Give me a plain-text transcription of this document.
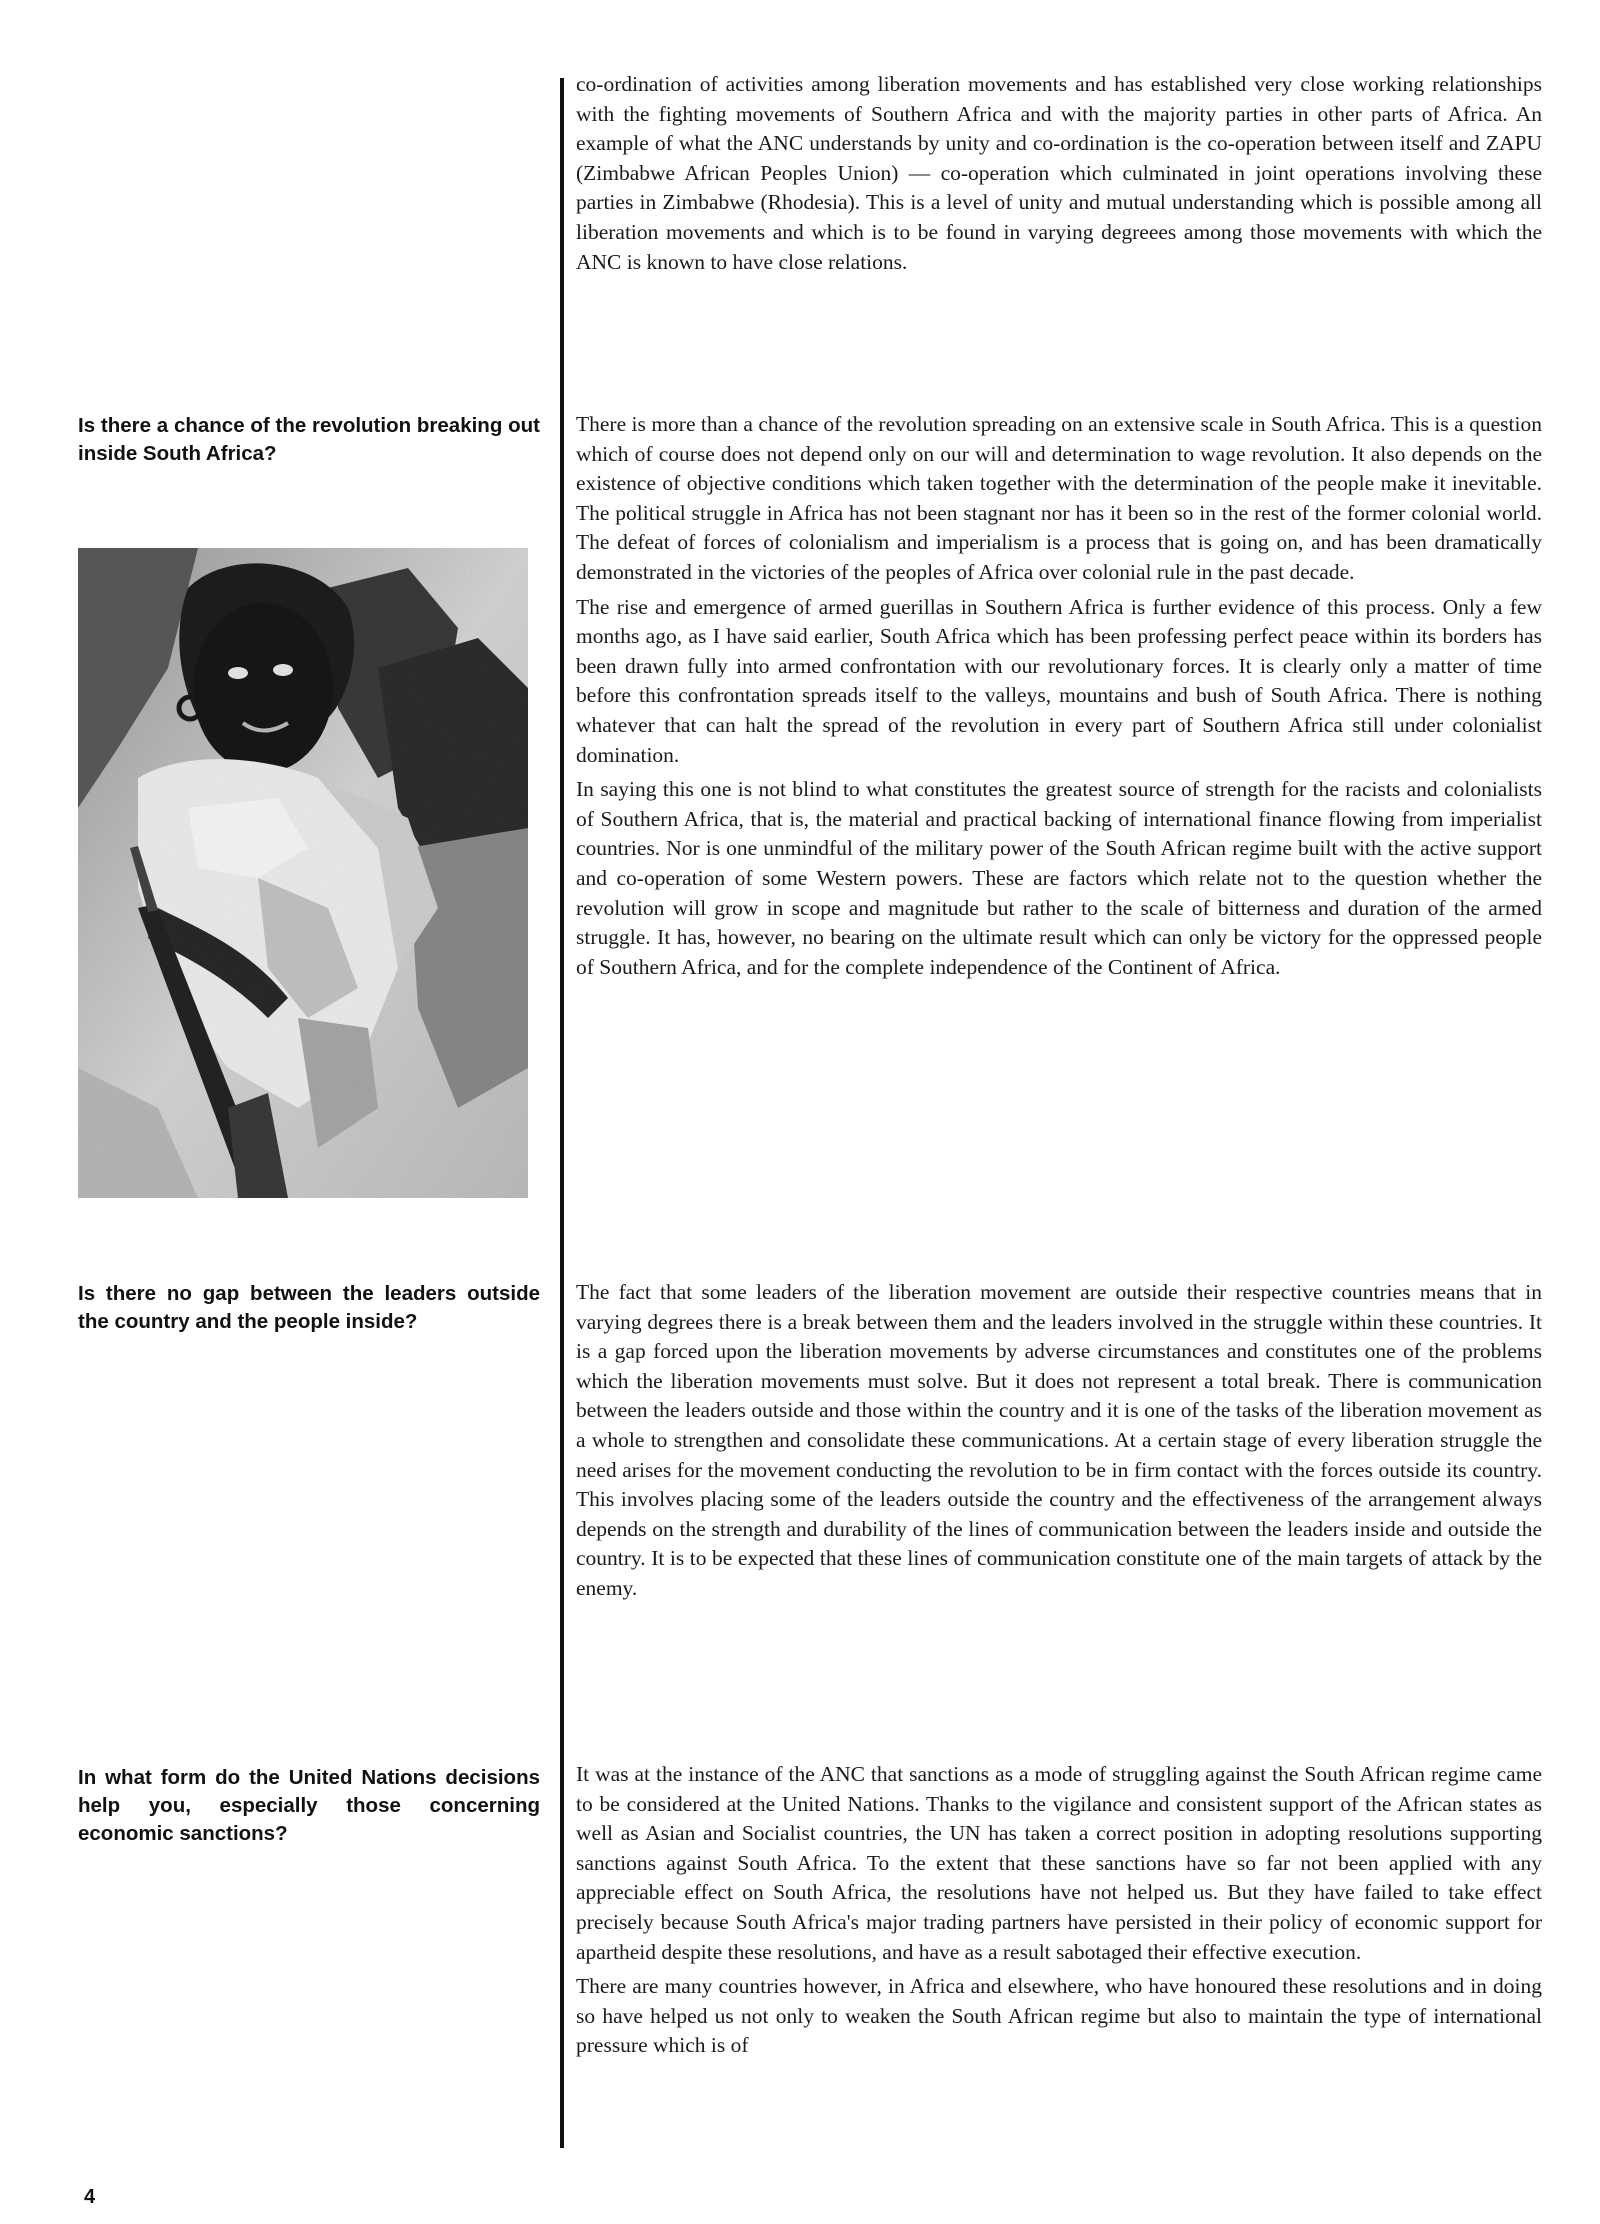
co-ordination of activities among liberation movements and has established very close working relationships with the fighting movements of Southern Africa and with the majority parties in other parts of Africa. An example of what the ANC understands by unity and co-ordination is the co-operation between itself and ZAPU (Zimbabwe African Peoples Union) — co-operation which culminated in joint operations involving these parties in Zimbabwe (Rhodesia). This is a level of unity and mutual understanding which is possible among all liberation movements and which is to be found in varying degreees among those movements with which the ANC is known to have close relations.

Is there a chance of the revolution breaking out inside South Africa?

There is more than a chance of the revolution spreading on an extensive scale in South Africa. This is a question which of course does not depend only on our will and determination to wage revolution. It also depends on the existence of objective conditions which taken together with the determination of the people make it inevitable. The political struggle in Africa has not been stagnant nor has it been so in the rest of the former colonial world. The defeat of forces of colonialism and imperialism is a process that is going on, and has been dramatically demonstrated in the victories of the peoples of Africa over colonial rule in the past decade.

The rise and emergence of armed guerillas in Southern Africa is further evidence of this process. Only a few months ago, as I have said earlier, South Africa which has been professing perfect peace within its borders has been drawn fully into armed confrontation with our revolutionary forces. It is clearly only a matter of time before this confrontation spreads itself to the valleys, mountains and bush of South Africa. There is nothing whatever that can halt the spread of the revolution in every part of Southern Africa still under colonialist domination.

In saying this one is not blind to what constitutes the greatest source of strength for the racists and colonialists of Southern Africa, that is, the material and practical backing of international finance flowing from imperialist countries. Nor is one unmindful of the military power of the South African regime built with the active support and co-operation of some Western powers. These are factors which relate not to the question whether the revolution will grow in scope and magnitude but rather to the scale of bitterness and duration of the armed struggle. It has, however, no bearing on the ultimate result which can only be victory for the oppressed people of Southern Africa, and for the complete independence of the Continent of Africa.

Is there no gap between the leaders outside the country and the people inside?

The fact that some leaders of the liberation movement are outside their respective countries means that in varying degrees there is a break between them and the leaders involved in the struggle within these countries. It is a gap forced upon the liberation movements by adverse circumstances and constitutes one of the problems which the liberation movements must solve. But it does not represent a total break. There is communication between the leaders outside and those within the country and it is one of the tasks of the liberation movement as a whole to strengthen and consolidate these communications. At a certain stage of every liberation struggle the need arises for the movement conducting the revolution to be in firm contact with the forces outside its country. This involves placing some of the leaders outside the country and the effectiveness of the arrangement always depends on the strength and durability of the lines of communication between the leaders inside and outside the country. It is to be expected that these lines of communication constitute one of the main targets of attack by the enemy.

In what form do the United Nations decisions help you, especially those concerning economic sanctions?

It was at the instance of the ANC that sanctions as a mode of struggling against the South African regime came to be considered at the United Nations. Thanks to the vigilance and consistent support of the African states as well as Asian and Socialist countries, the UN has taken a correct position in adopting resolutions supporting sanctions against South Africa. To the extent that these sanctions have so far not been applied with any appreciable effect on South Africa, the resolutions have not helped us. But they have failed to take effect precisely because South Africa's major trading partners have persisted in their policy of economic support for apartheid despite these resolutions, and have as a result sabotaged their effective execution.

There are many countries however, in Africa and elsewhere, who have honoured these resolutions and in doing so have helped us not only to weaken the South African regime but also to maintain the type of international pressure which is of

4
